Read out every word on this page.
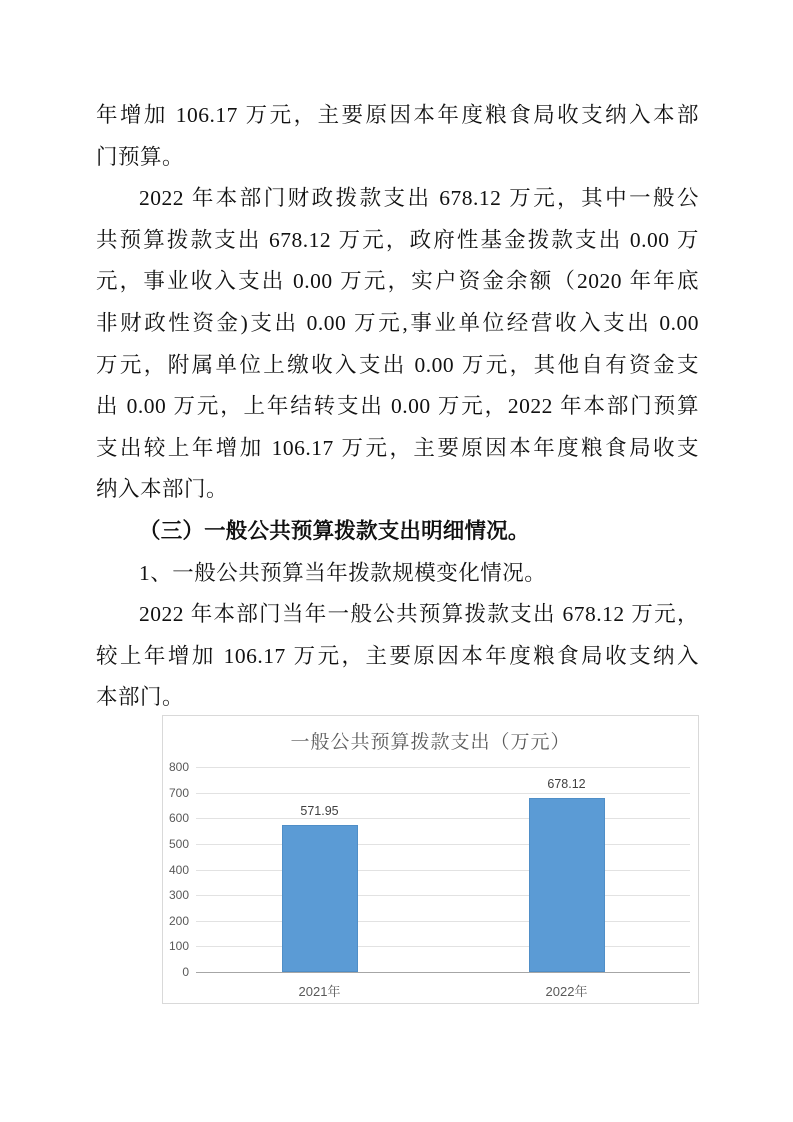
年增加 106.17 万元，主要原因本年度粮食局收支纳入本部
门预算。
2022 年本部门财政拨款支出 678.12 万元，其中一般公
共预算拨款支出 678.12 万元，政府性基金拨款支出 0.00 万
元，事业收入支出 0.00 万元，实户资金余额（2020 年年底
非财政性资金)支出 0.00 万元,事业单位经营收入支出 0.00
万元，附属单位上缴收入支出 0.00 万元，其他自有资金支
出 0.00 万元，上年结转支出 0.00 万元，2022 年本部门预算
支出较上年增加 106.17 万元，主要原因本年度粮食局收支
纳入本部门。
（三）一般公共预算拨款支出明细情况。
1、一般公共预算当年拨款规模变化情况。
2022 年本部门当年一般公共预算拨款支出 678.12 万元，
较上年增加 106.17 万元，主要原因本年度粮食局收支纳入
本部门。
一般公共预算拨款支出（万元）
0
100
200
300
400
500
600
700
800
571.95
2021年
678.12
2022年
